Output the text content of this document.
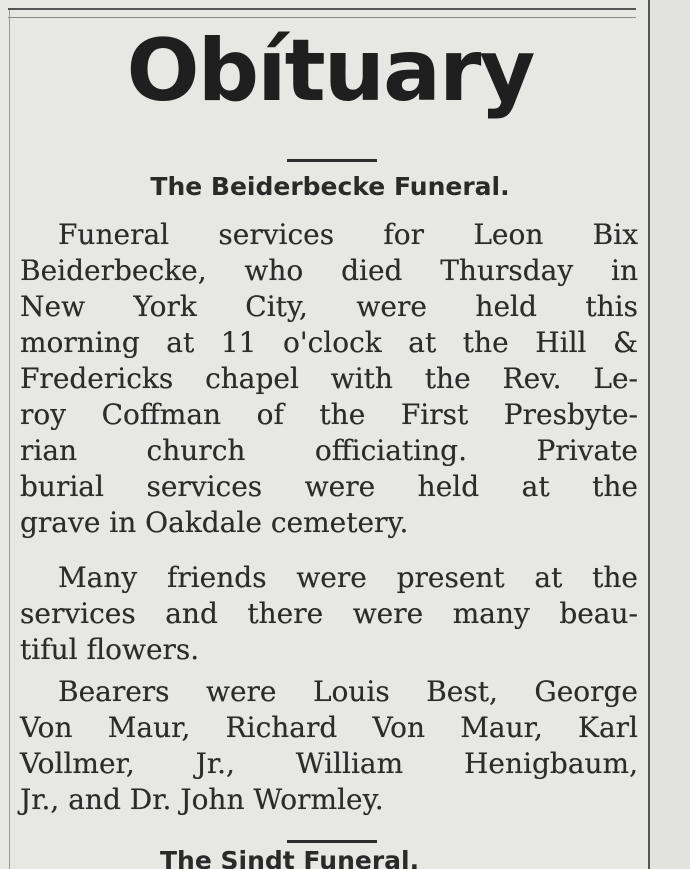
Obítuary
The Beiderbecke Funeral.
Funeral services for Leon Bix
Beiderbecke, who died Thursday in
New York City, were held this
morning at 11 o'clock at the Hill &
Fredericks chapel with the Rev. Le-
roy Coffman of the First Presbyte-
rian church officiating. Private
burial services were held at the
grave in Oakdale cemetery.
Many friends were present at the
services and there were many beau-
tiful flowers.
Bearers were Louis Best, George
Von Maur, Richard Von Maur, Karl
Vollmer, Jr., William Henigbaum,
Jr., and Dr. John Wormley.
The Sindt Funeral.
